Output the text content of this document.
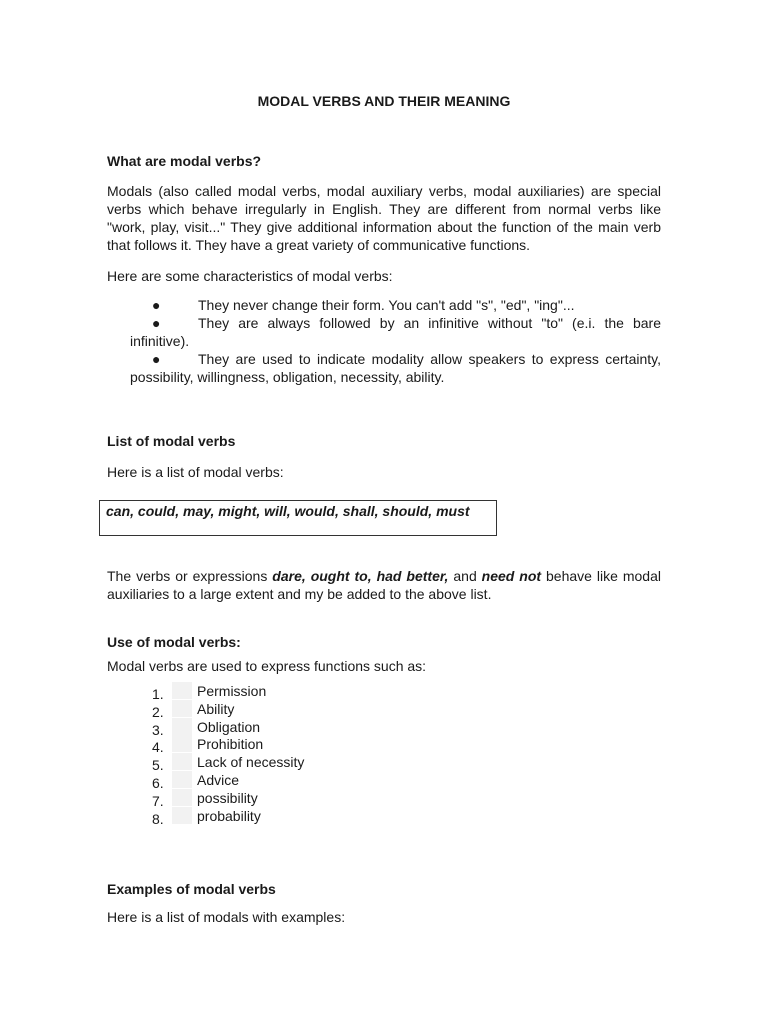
MODAL VERBS AND THEIR MEANING
What are modal verbs?
Modals (also called modal verbs, modal auxiliary verbs, modal auxiliaries) are special verbs which behave irregularly in English. They are different from normal verbs like "work, play, visit..." They give additional information about the function of the main verb that follows it. They have a great variety of communicative functions.
Here are some characteristics of modal verbs:

●	They never change their form. You can't add "s", "ed", "ing"...

●	They are always followed by an infinitive without "to" (e.i. the bare infinitive).

●	They are used to indicate modality allow speakers to express certainty, possibility, willingness, obligation, necessity, ability.

List of modal verbs
Here is a list of modal verbs:
can, could, may, might, will, would, shall, should, must
The verbs or expressions dare, ought to, had better, and need not behave like modal auxiliaries to a large extent and my be added to the above list.
Use of modal verbs:
Modal verbs are used to express functions such as:
1.	Permission
2.	Ability
3.	Obligation
4.	Prohibition
5.	Lack of necessity
6.	Advice
7.	possibility
8.	probability
Examples of modal verbs
Here is a list of modals with examples:
